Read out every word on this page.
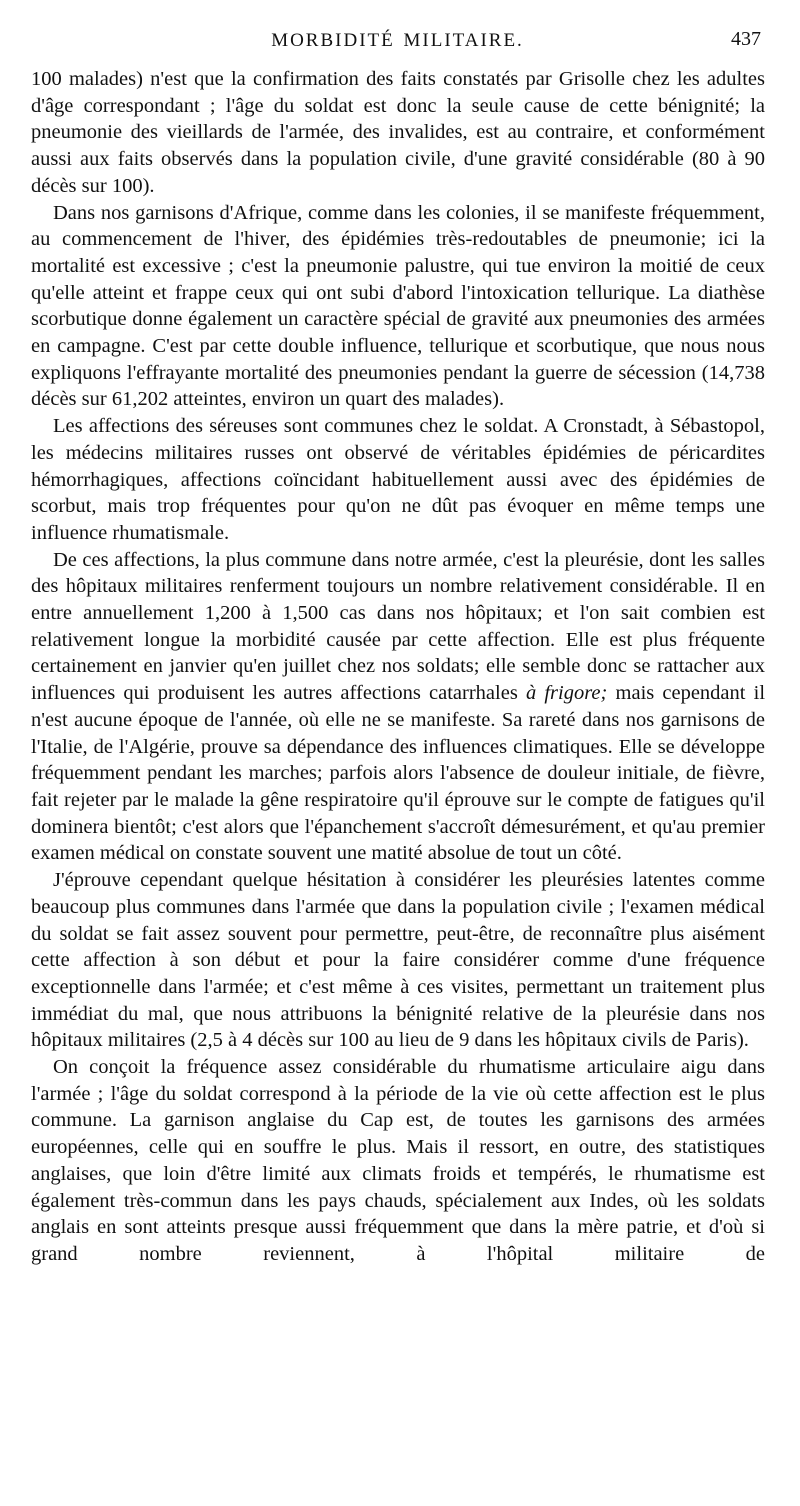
MORBIDITÉ MILITAIRE.	437

100 malades) n'est que la confirmation des faits constatés par Grisolle chez les adultes d'âge correspondant ; l'âge du soldat est donc la seule cause de cette bénignité; la pneumonie des vieillards de l'armée, des invalides, est au contraire, et conformément aussi aux faits observés dans la population civile, d'une gravité considérable (80 à 90 décès sur 100).

Dans nos garnisons d'Afrique, comme dans les colonies, il se manifeste fréquemment, au commencement de l'hiver, des épidémies très-redoutables de pneumonie; ici la mortalité est excessive ; c'est la pneumonie palustre, qui tue environ la moitié de ceux qu'elle atteint et frappe ceux qui ont subi d'abord l'intoxication tellurique. La diathèse scorbutique donne également un caractère spécial de gravité aux pneumonies des armées en campagne. C'est par cette double influence, tellurique et scorbutique, que nous nous expliquons l'effrayante mortalité des pneumonies pendant la guerre de sécession (14,738 décès sur 61,202 atteintes, environ un quart des malades).

Les affections des séreuses sont communes chez le soldat. A Cronstadt, à Sébastopol, les médecins militaires russes ont observé de véritables épidémies de péricardites hémorrhagiques, affections coïncidant habituellement aussi avec des épidémies de scorbut, mais trop fréquentes pour qu'on ne dût pas évoquer en même temps une influence rhumatismale.

De ces affections, la plus commune dans notre armée, c'est la pleurésie, dont les salles des hôpitaux militaires renferment toujours un nombre relativement considérable. Il en entre annuellement 1,200 à 1,500 cas dans nos hôpitaux; et l'on sait combien est relativement longue la morbidité causée par cette affection. Elle est plus fréquente certainement en janvier qu'en juillet chez nos soldats; elle semble donc se rattacher aux influences qui produisent les autres affections catarrhales à frigore; mais cependant il n'est aucune époque de l'année, où elle ne se manifeste. Sa rareté dans nos garnisons de l'Italie, de l'Algérie, prouve sa dépendance des influences climatiques. Elle se développe fréquemment pendant les marches; parfois alors l'absence de douleur initiale, de fièvre, fait rejeter par le malade la gêne respiratoire qu'il éprouve sur le compte de fatigues qu'il dominera bientôt; c'est alors que l'épanchement s'accroît démesurément, et qu'au premier examen médical on constate souvent une matité absolue de tout un côté.

J'éprouve cependant quelque hésitation à considérer les pleurésies latentes comme beaucoup plus communes dans l'armée que dans la population civile ; l'examen médical du soldat se fait assez souvent pour permettre, peut-être, de reconnaître plus aisément cette affection à son début et pour la faire considérer comme d'une fréquence exceptionnelle dans l'armée; et c'est même à ces visites, permettant un traitement plus immédiat du mal, que nous attribuons la bénignité relative de la pleurésie dans nos hôpitaux militaires (2,5 à 4 décès sur 100 au lieu de 9 dans les hôpitaux civils de Paris).

On conçoit la fréquence assez considérable du rhumatisme articulaire aigu dans l'armée ; l'âge du soldat correspond à la période de la vie où cette affection est le plus commune. La garnison anglaise du Cap est, de toutes les garnisons des armées européennes, celle qui en souffre le plus. Mais il ressort, en outre, des statistiques anglaises, que loin d'être limité aux climats froids et tempérés, le rhumatisme est également très-commun dans les pays chauds, spécialement aux Indes, où les soldats anglais en sont atteints presque aussi fréquemment que dans la mère patrie, et d'où si grand nombre reviennent, à l'hôpital militaire de
